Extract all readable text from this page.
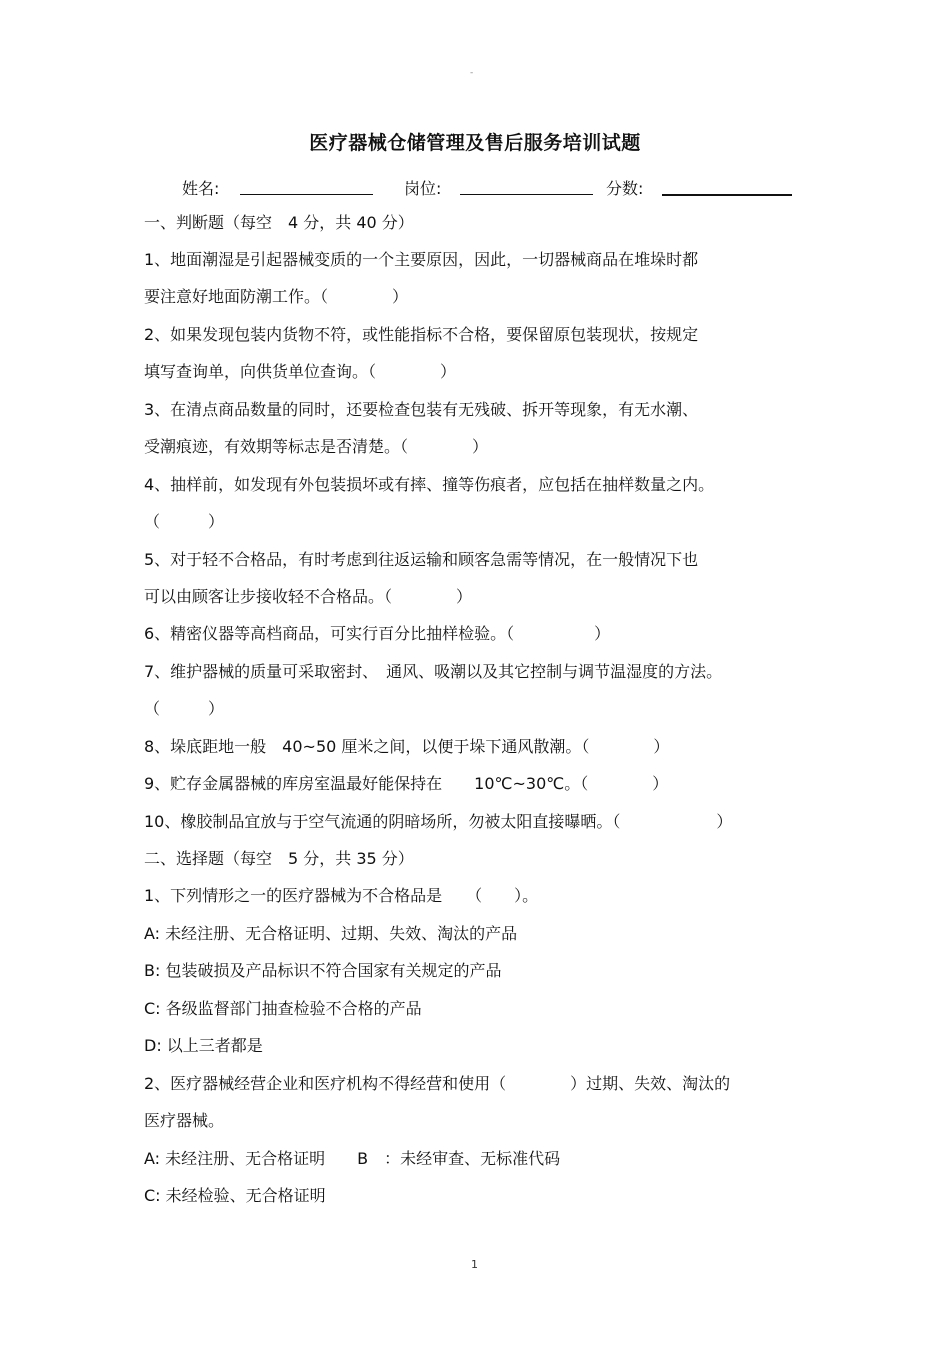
-
医疗器械仓储管理及售后服务培训试题
姓名:	岗位:	分数:
一、判断题（每空　4 分，共 40 分）
1、地面潮湿是引起器械变质的一个主要原因，因此，一切器械商品在堆垛时都
要注意好地面防潮工作。（　　　　）
2、如果发现包装内货物不符，或性能指标不合格，要保留原包装现状，按规定
填写查询单，向供货单位查询。（　　　　）
3、在清点商品数量的同时，还要检查包装有无残破、拆开等现象，有无水潮、
受潮痕迹，有效期等标志是否清楚。（　　　　）
4、抽样前，如发现有外包装损坏或有摔、撞等伤痕者，应包括在抽样数量之内。
（　　　）
5、对于轻不合格品，有时考虑到往返运输和顾客急需等情况，在一般情况下也
可以由顾客让步接收轻不合格品。（　　　　）
6、精密仪器等高档商品，可实行百分比抽样检验。（　　　　　）
7、维护器械的质量可采取密封、　通风、吸潮以及其它控制与调节温湿度的方法。
（　　　）
8、垛底距地一般　40~50 厘米之间，以便于垛下通风散潮。（　　　　）
9、贮存金属器械的库房室温最好能保持在　　10℃~30℃。（　　　　）
10、橡胶制品宜放与于空气流通的阴暗场所，勿被太阳直接曝晒。（　　　　　　）
二、选择题（每空　5 分，共 35 分）
1、下列情形之一的医疗器械为不合格品是　　（　　）。
A: 未经注册、无合格证明、过期、失效、淘汰的产品
B: 包装破损及产品标识不符合国家有关规定的产品
C: 各级监督部门抽查检验不合格的产品
D: 以上三者都是
2、医疗器械经营企业和医疗机构不得经营和使用（　　　　）过期、失效、淘汰的
医疗器械。
A: 未经注册、无合格证明　　B　：未经审查、无标准代码
C: 未经检验、无合格证明
1
